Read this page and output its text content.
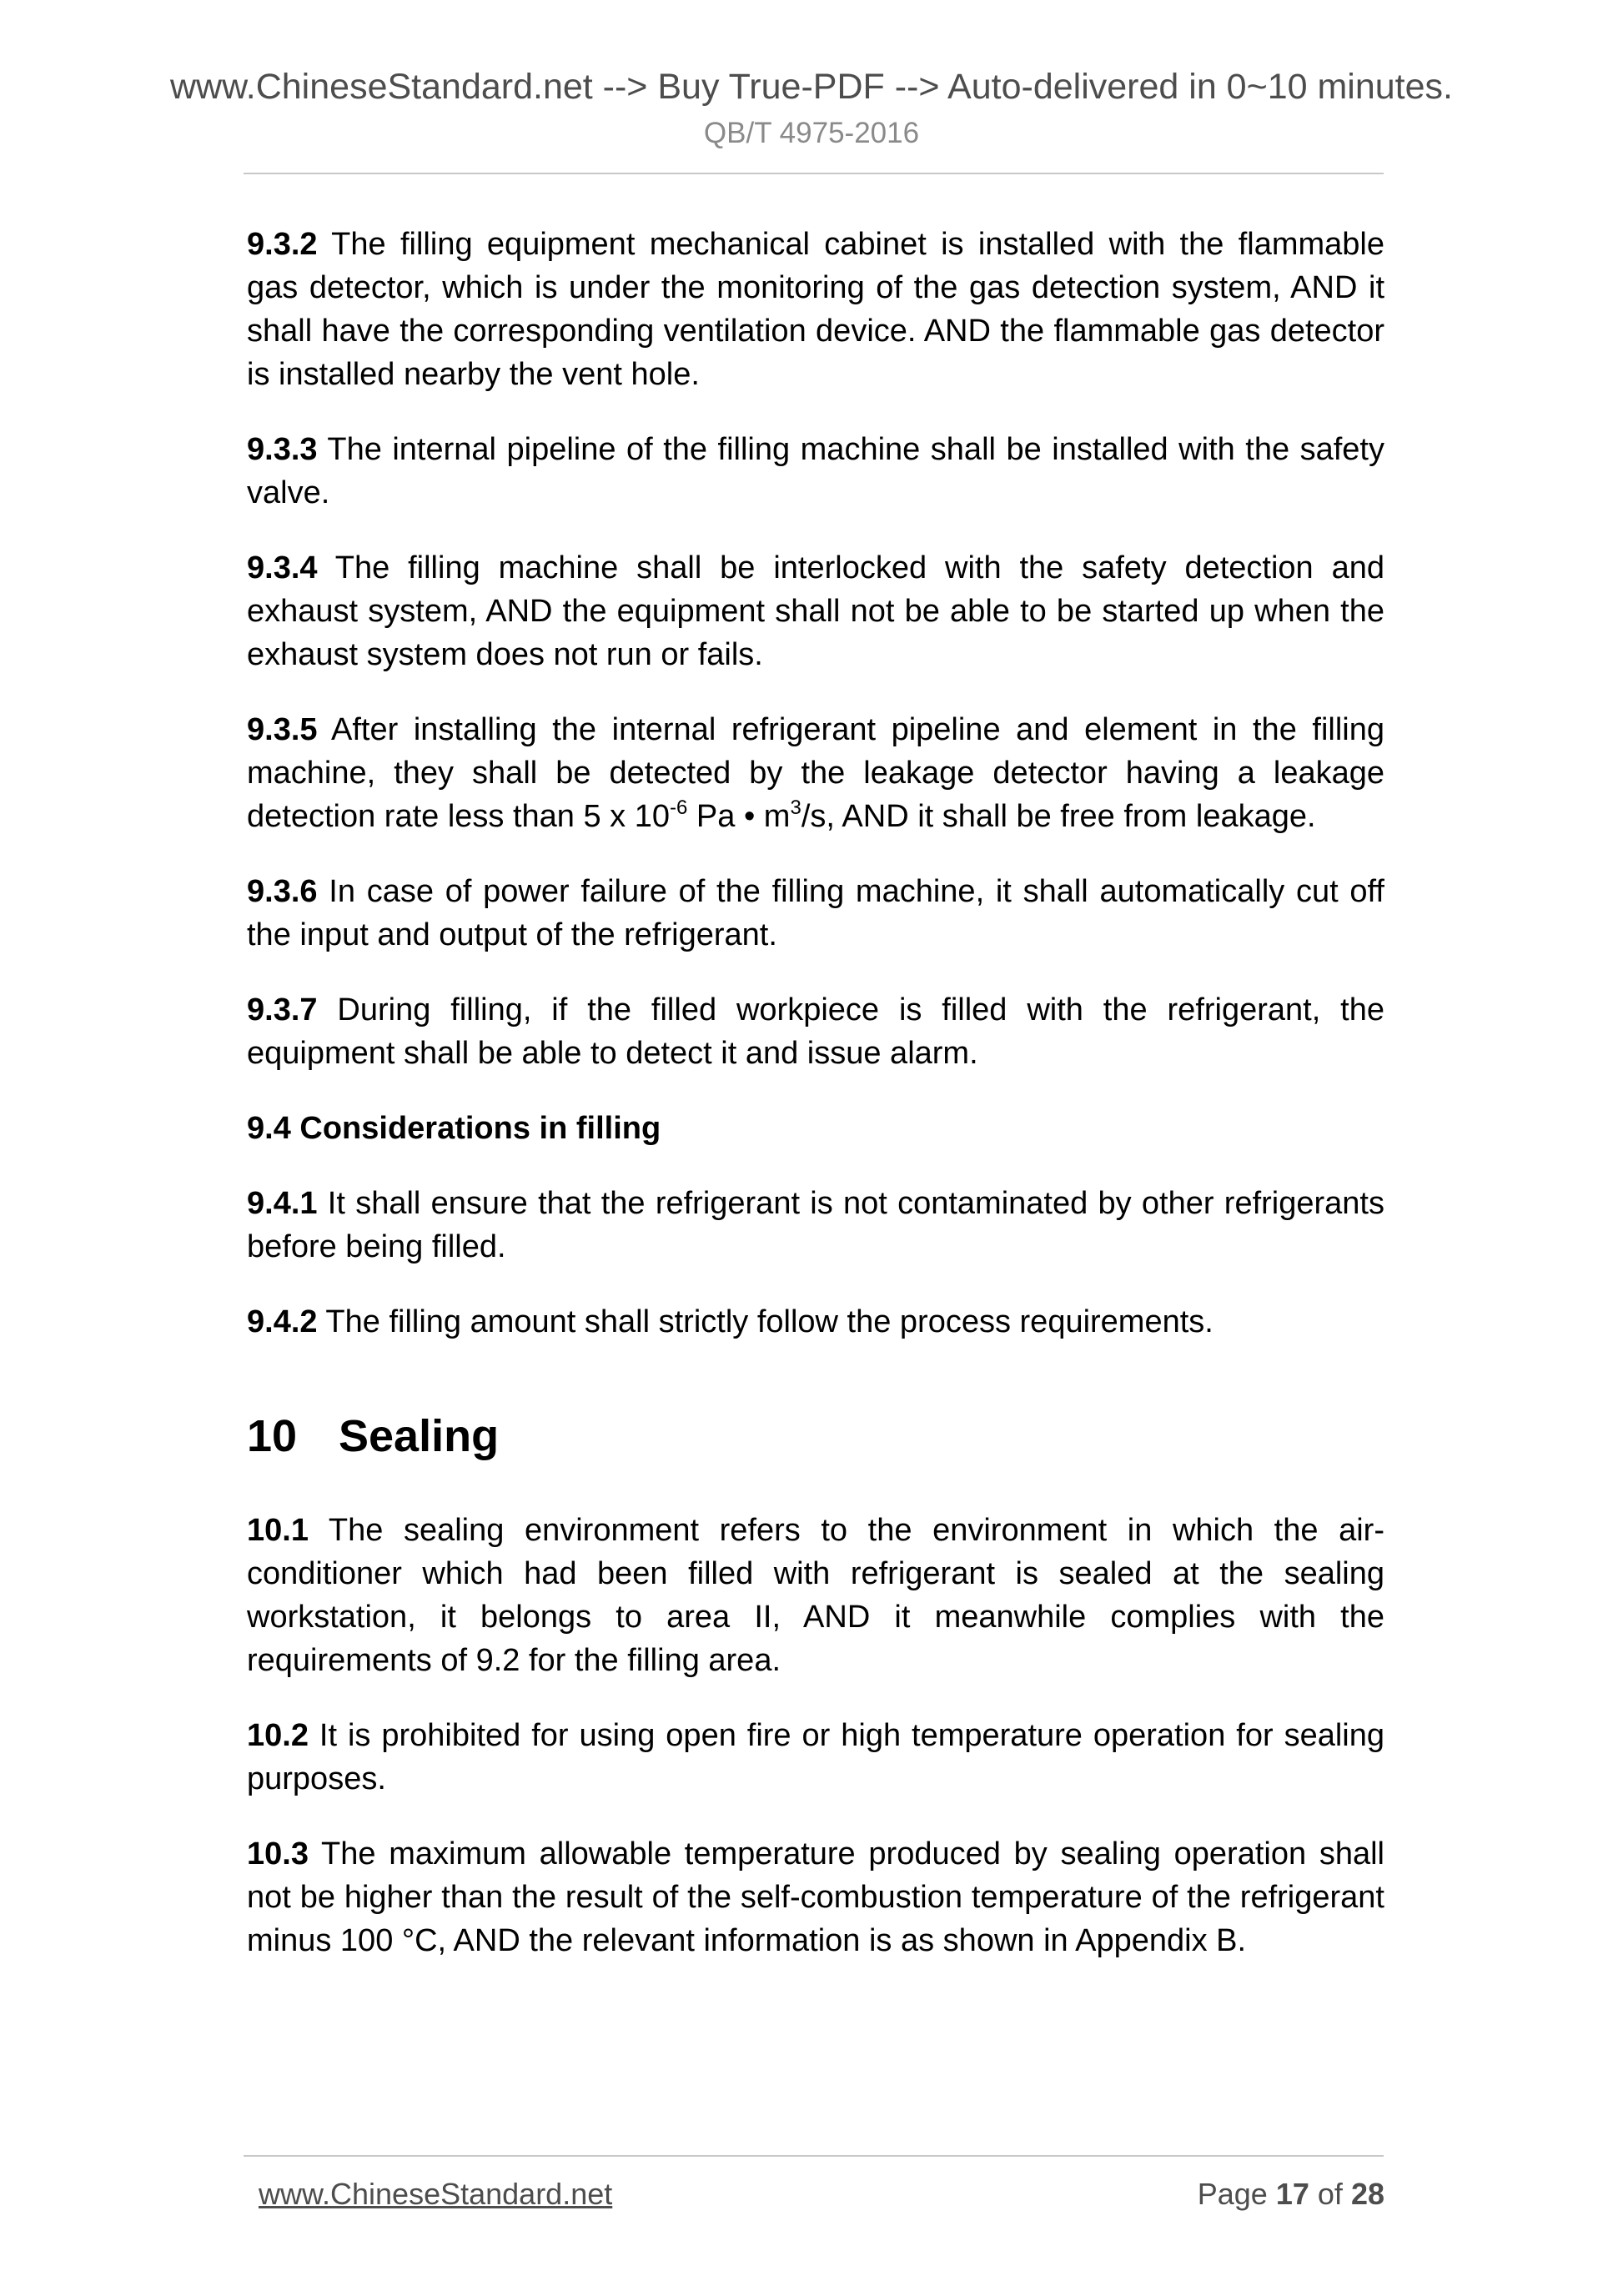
www.ChineseStandard.net --> Buy True-PDF --> Auto-delivered in 0~10 minutes.
QB/T 4975-2016

9.3.2 The filling equipment mechanical cabinet is installed with the flammable gas detector, which is under the monitoring of the gas detection system, AND it shall have the corresponding ventilation device. AND the flammable gas detector is installed nearby the vent hole.

9.3.3 The internal pipeline of the filling machine shall be installed with the safety valve.

9.3.4 The filling machine shall be interlocked with the safety detection and exhaust system, AND the equipment shall not be able to be started up when the exhaust system does not run or fails.

9.3.5 After installing the internal refrigerant pipeline and element in the filling machine, they shall be detected by the leakage detector having a leakage detection rate less than 5 x $10^{-6}$ Pa • $m^3/s$, AND it shall be free from leakage.

9.3.6 In case of power failure of the filling machine, it shall automatically cut off the input and output of the refrigerant.

9.3.7 During filling, if the filled workpiece is filled with the refrigerant, the equipment shall be able to detect it and issue alarm.

9.4 Considerations in filling

9.4.1 It shall ensure that the refrigerant is not contaminated by other refrigerants before being filled.

9.4.2 The filling amount shall strictly follow the process requirements.

10 Sealing

10.1 The sealing environment refers to the environment in which the air-conditioner which had been filled with refrigerant is sealed at the sealing workstation, it belongs to area II, AND it meanwhile complies with the requirements of 9.2 for the filling area.

10.2 It is prohibited for using open fire or high temperature operation for sealing purposes.

10.3 The maximum allowable temperature produced by sealing operation shall not be higher than the result of the self-combustion temperature of the refrigerant minus 100 °C, AND the relevant information is as shown in Appendix B.

www.ChineseStandard.net	Page 17 of 28
